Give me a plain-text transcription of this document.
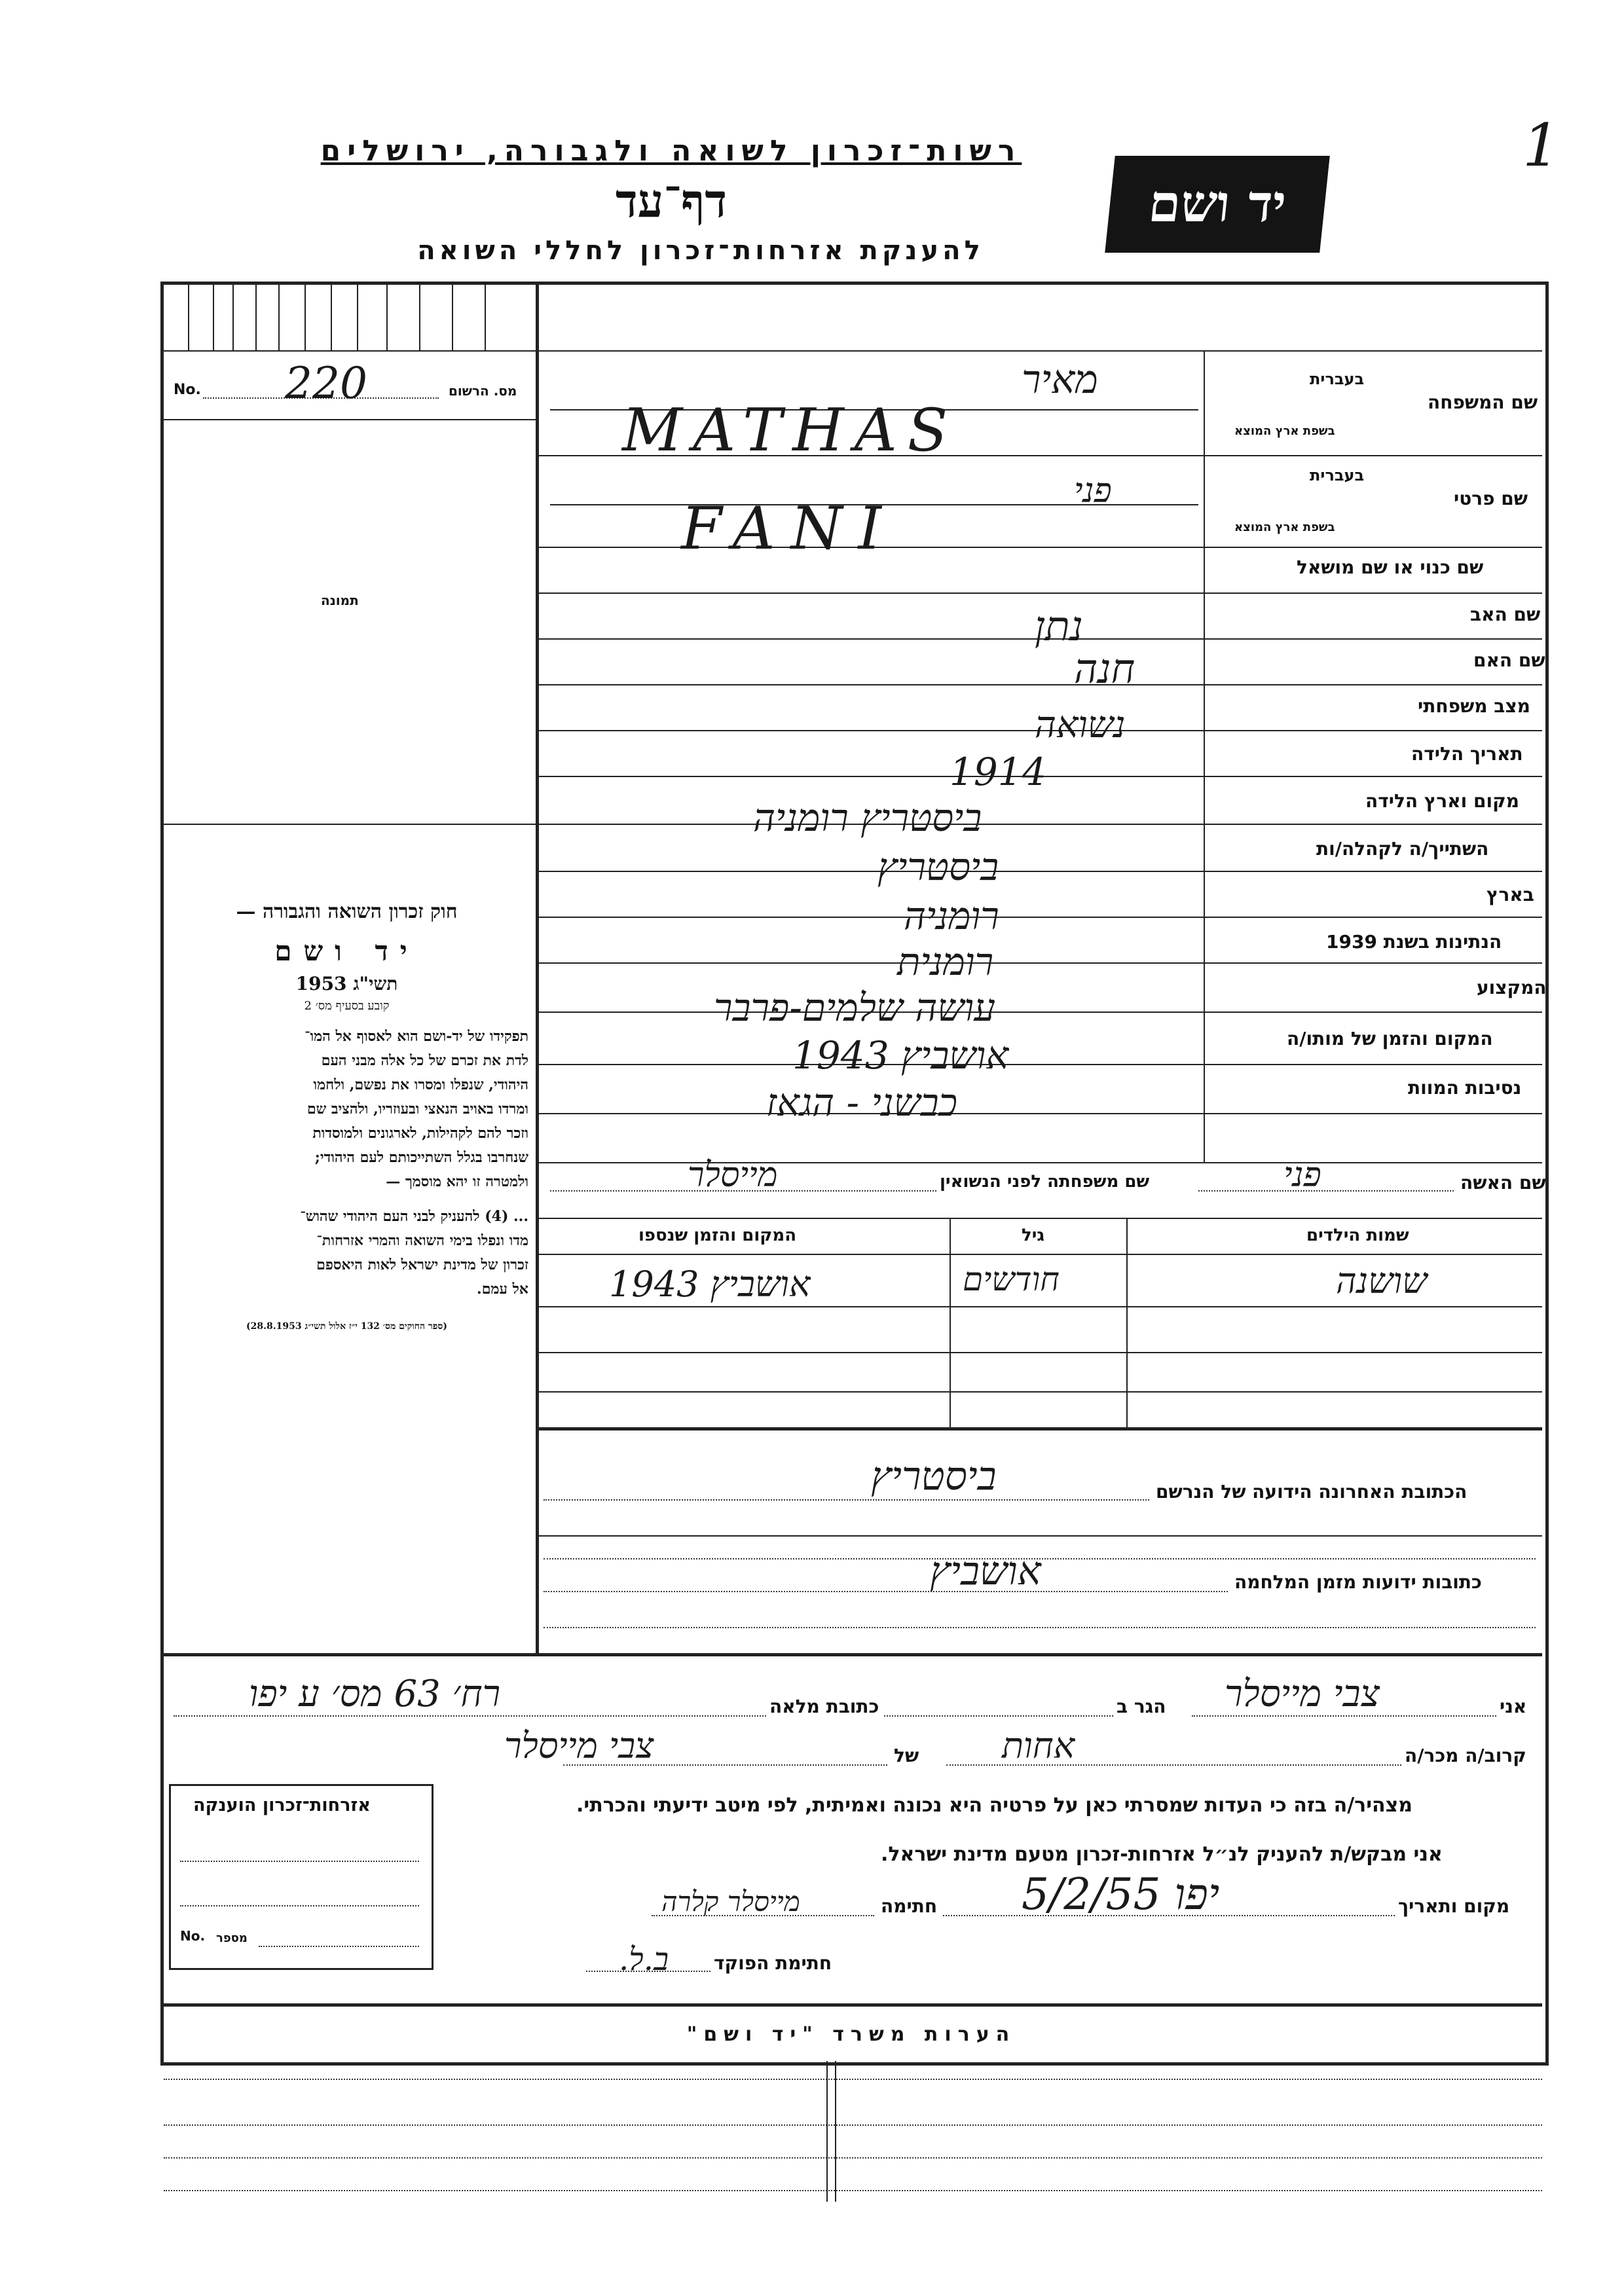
1
יד ושם
רשות־זכרון לשואה ולגבורה, ירושלים
דף־עד
להענקת אזרחות־זכרון לחללי השואה
No. 220	מס. הרשום
תמונה
חוק זכרון השואה והגבורה —
יד ושם
תשי"ג 1953
קובע בסעיף מס׳ 2
תפקידו של יד-ושם הוא לאסוף אל המו־
לדת את זכרם של כל אלה מבני העם
היהודי, שנפלו ומסרו את נפשם, ולחמו
ומרדו באויב הנאצי ובעוזריו, ולהציב שם
וזכר להם לקהילות, לארגונים ולמוסדות
שנחרבו בגלל השתייכותם לעם היהודי;
ולמטרה זו יהא מוסמך —
... (4) להעניק לבני העם היהודי שהוש־
מדו ונפלו בימי השואה והמרי אזרחות־
זכרון של מדינת ישראל לאות היאספם
אל עמם.
(ספר החוקים מס׳ 132 י״ז אלול תשי״ג 28.8.1953)
שם המשפחה
בעברית
בשפת ארץ המוצא
מאיר
MATHAS
שם פרטי
בעברית
בשפת ארץ המוצא
פני
FANI
שם כנוי או שם מושאל
שם האב
נתן
שם האם
חנה
מצב משפחתי
נשואה
תאריך הלידה
1914
מקום וארץ הלידה
ביסטריץ רומניה
השתייך/ה לקהלה/ות
ביסטריץ
בארץ
רומניה
הנתינות בשנת 1939
רומנית
המקצוע
עושה שלמים-פרבר
המקום והזמן של מותו/ה
אושביץ 1943
נסיבות המוות
כבשני - הגאז
שם האשה
פני
שם משפחתה לפני הנשואין
מייסלר
שמות הילדים
גיל
המקום והזמן שנספו
שושנה
חודשים
אושביץ 1943
הכתובת האחרונה הידועה של הנרשם
ביסטריץ
כתובות ידועות מזמן המלחמה
אושביץ
אני
צבי מייסלר
הגר ב
כתובת מלאה
רח׳ 63 מס׳ ע יפו
קרוב/ה מכר/ה
אחות
של
צבי מייסלר
מצהיר/ה בזה כי העדות שמסרתי כאן על פרטיה היא נכונה ואמיתית, לפי מיטב ידיעתי והכרתי.
אני מבקש/ת להעניק לנ״ל אזרחות-זכרון מטעם מדינת ישראל.
מקום ותאריך
יפו 5/2/55
חתימה
מייסלר קלרה
חתימת הפוקד
ב.ל.
אזרחות־זכרון הוענקה
No. מספר
הערות משרד "יד ושם"
